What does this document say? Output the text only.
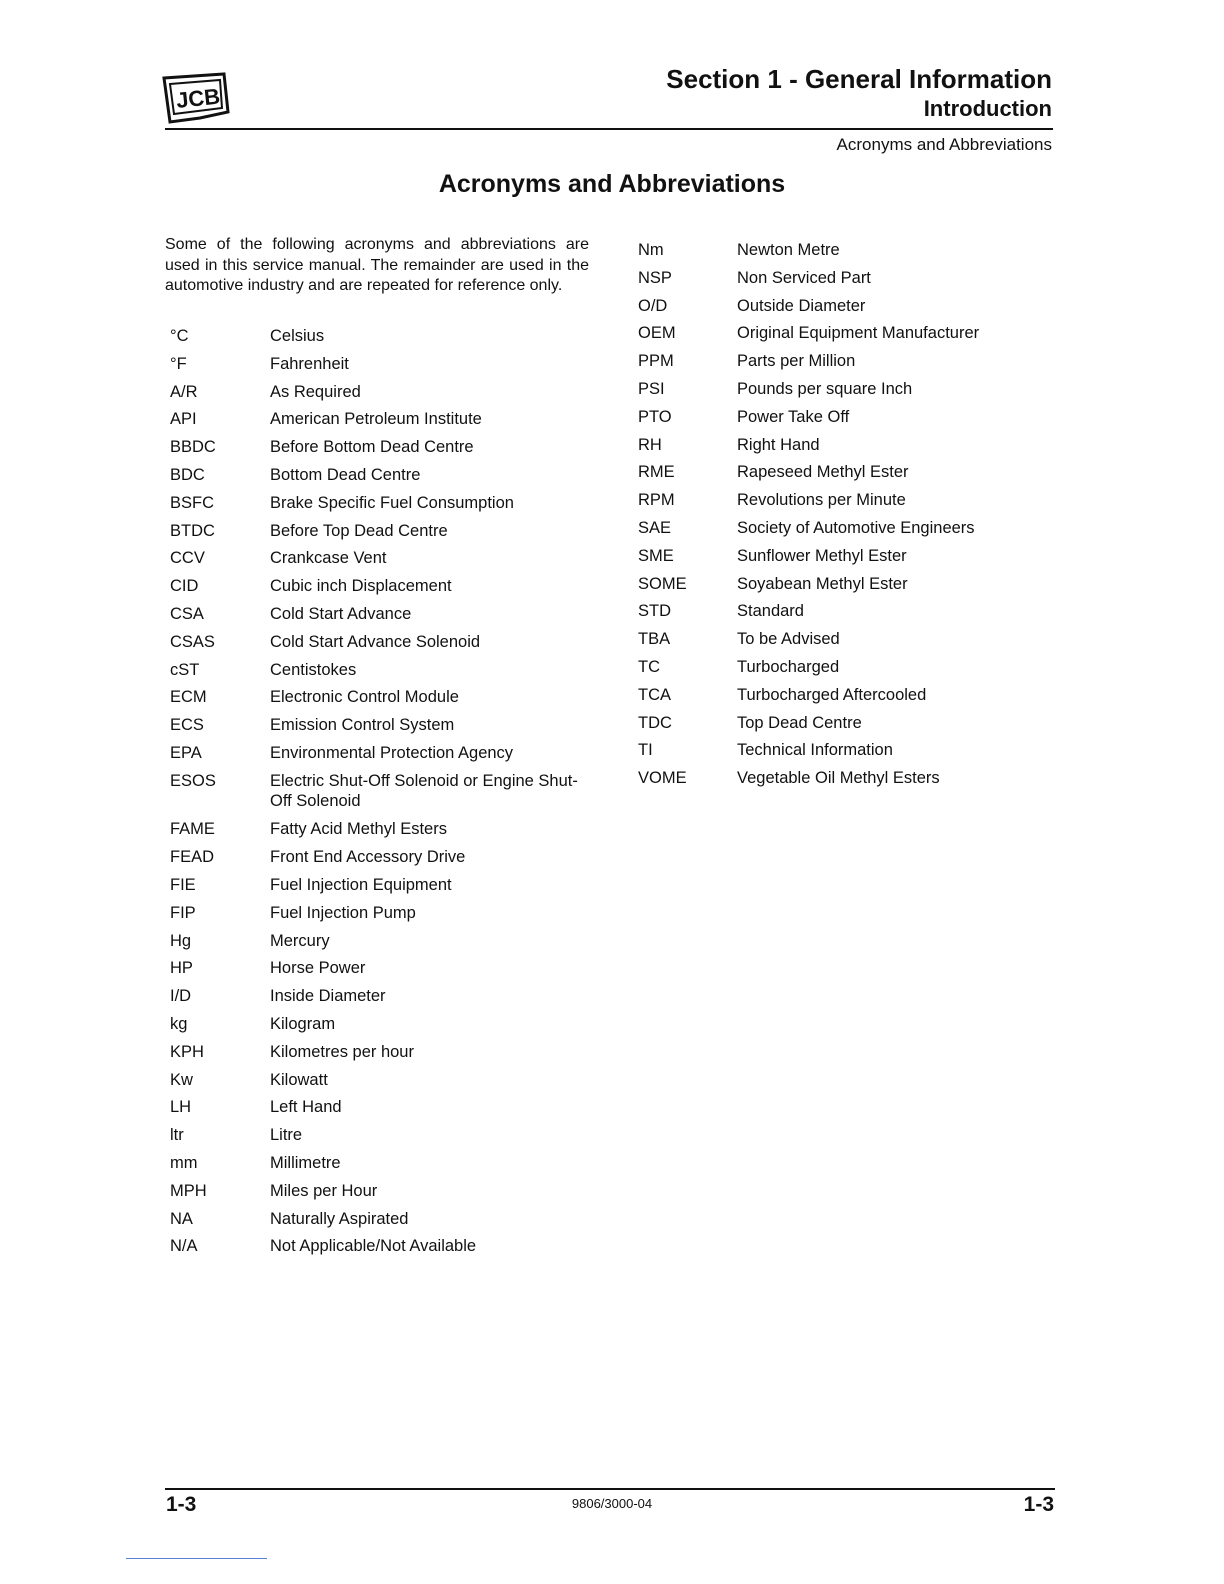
JCB
Section 1 - General Information
Introduction
Acronyms and Abbreviations
Acronyms and Abbreviations
Some of the following acronyms and abbreviations are used in this service manual. The remainder are used in the automotive industry and are repeated for reference only.
°C	Celsius
°F	Fahrenheit
A/R	As Required
API	American Petroleum Institute
BBDC	Before Bottom Dead Centre
BDC	Bottom Dead Centre
BSFC	Brake Specific Fuel Consumption
BTDC	Before Top Dead Centre
CCV	Crankcase Vent
CID	Cubic inch Displacement
CSA	Cold Start Advance
CSAS	Cold Start Advance Solenoid
cST	Centistokes
ECM	Electronic Control Module
ECS	Emission Control System
EPA	Environmental Protection Agency
ESOS	Electric Shut-Off Solenoid or Engine Shut-Off Solenoid
FAME	Fatty Acid Methyl Esters
FEAD	Front End Accessory Drive
FIE	Fuel Injection Equipment
FIP	Fuel Injection Pump
Hg	Mercury
HP	Horse Power
I/D	Inside Diameter
kg	Kilogram
KPH	Kilometres per hour
Kw	Kilowatt
LH	Left Hand
ltr	Litre
mm	Millimetre
MPH	Miles per Hour
NA	Naturally Aspirated
N/A	Not Applicable/Not Available
Nm	Newton Metre
NSP	Non Serviced Part
O/D	Outside Diameter
OEM	Original Equipment Manufacturer
PPM	Parts per Million
PSI	Pounds per square Inch
PTO	Power Take Off
RH	Right Hand
RME	Rapeseed Methyl Ester
RPM	Revolutions per Minute
SAE	Society of Automotive Engineers
SME	Sunflower Methyl Ester
SOME	Soyabean Methyl Ester
STD	Standard
TBA	To be Advised
TC	Turbocharged
TCA	Turbocharged Aftercooled
TDC	Top Dead Centre
TI	Technical Information
VOME	Vegetable Oil Methyl Esters
1-3	9806/3000-04	1-3
